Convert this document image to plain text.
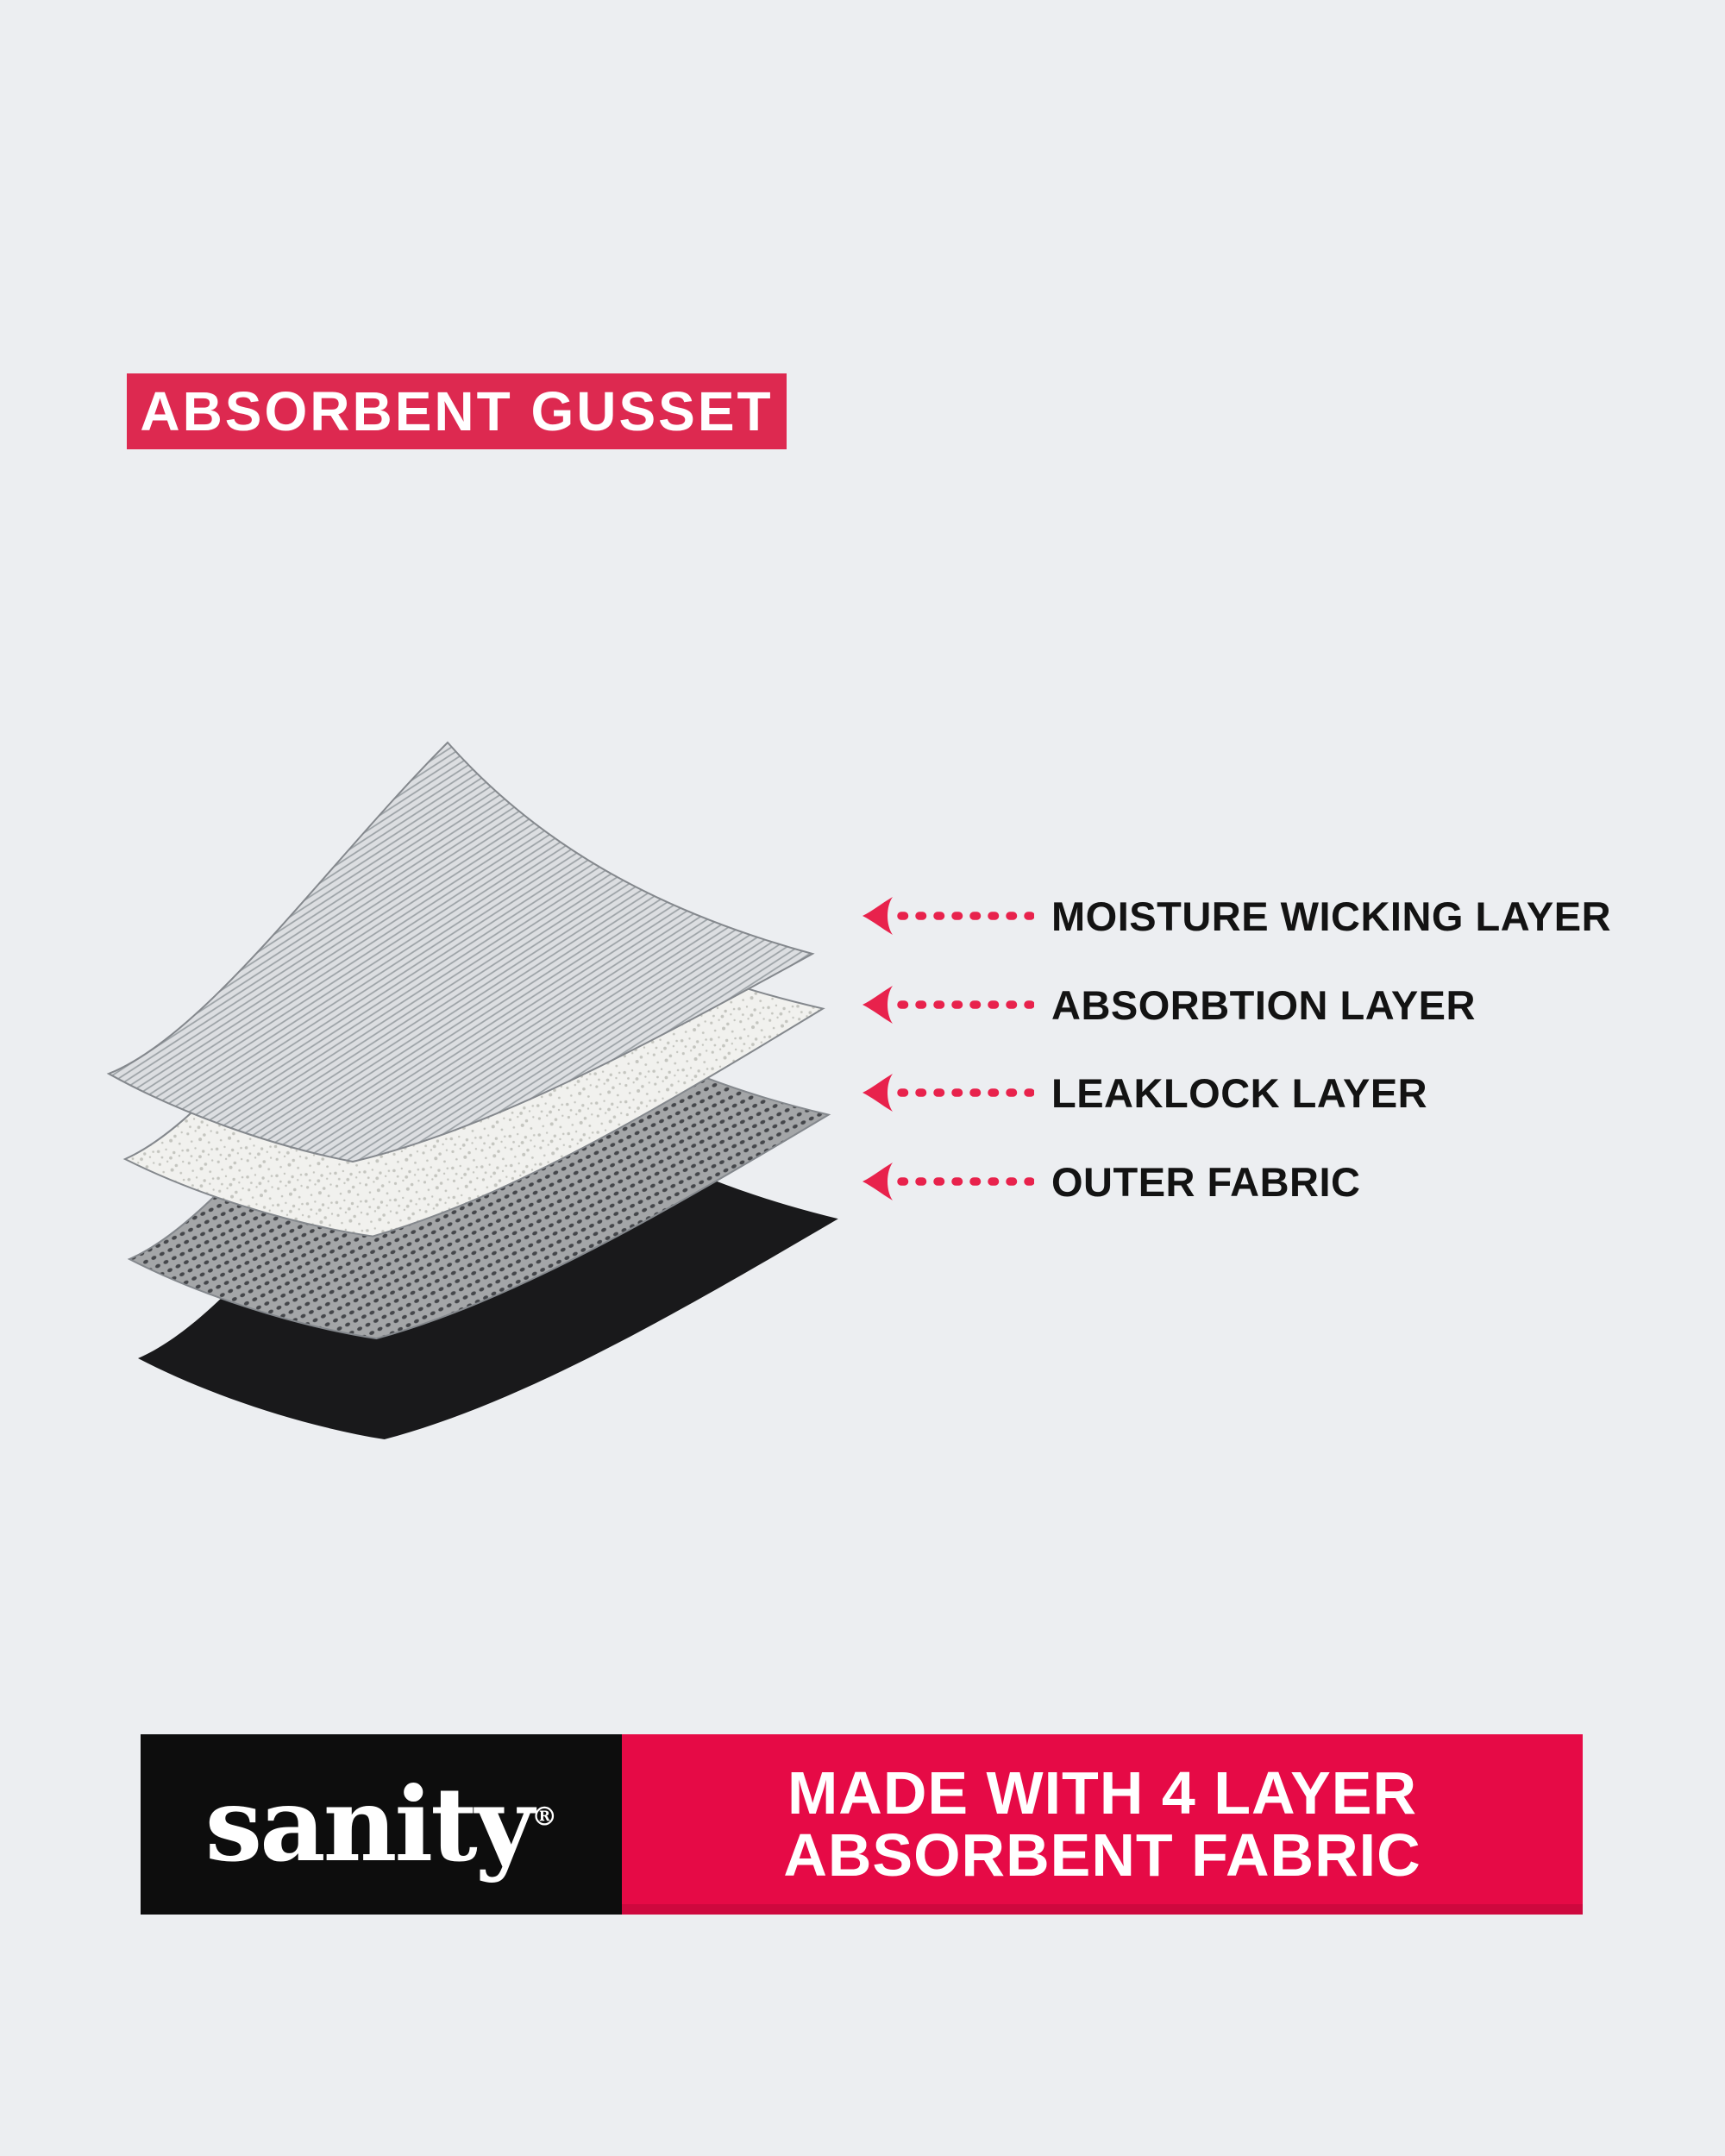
ABSORBENT GUSSET
MOISTURE WICKING LAYER
ABSORBTION LAYER
LEAKLOCK LAYER
OUTER FABRIC
sanity®	MADE WITH 4 LAYER
ABSORBENT FABRIC
